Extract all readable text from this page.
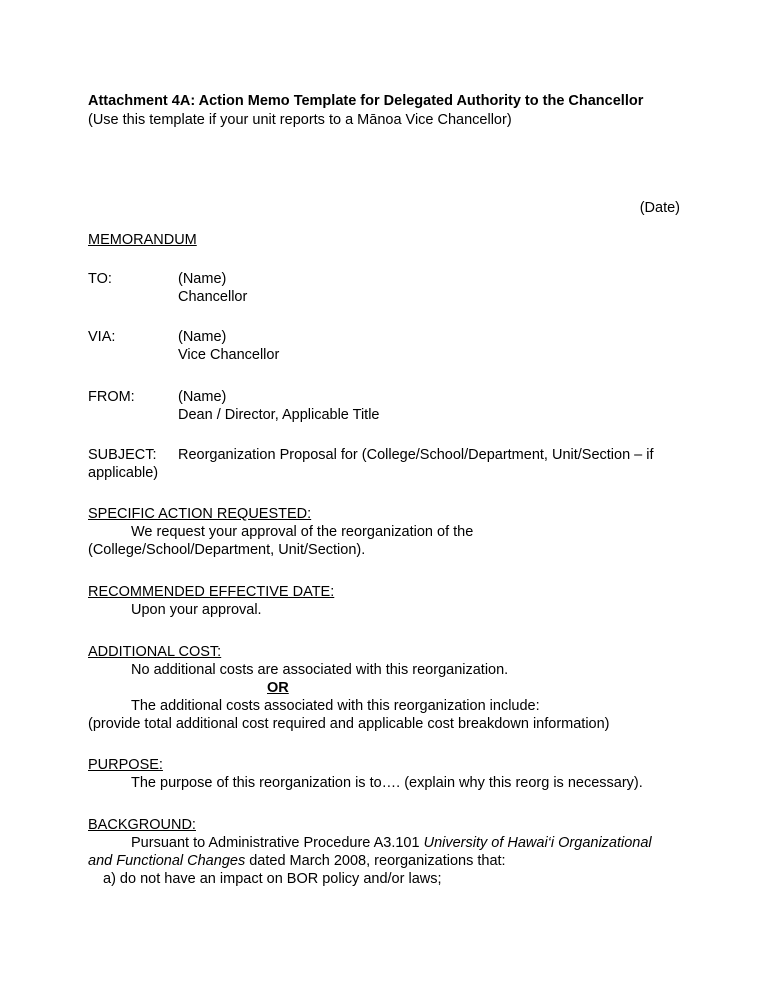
Attachment 4A: Action Memo Template for Delegated Authority to the Chancellor
(Use this template if your unit reports to a Mānoa Vice Chancellor)
(Date)
MEMORANDUM
TO:	(Name)
Chancellor
VIA:	(Name)
Vice Chancellor
FROM:	(Name)
Dean / Director, Applicable Title
SUBJECT: Reorganization Proposal for (College/School/Department, Unit/Section – if
applicable)
SPECIFIC ACTION REQUESTED:
We request your approval of the reorganization of the
(College/School/Department, Unit/Section).
RECOMMENDED EFFECTIVE DATE:
Upon your approval.
ADDITIONAL COST:
No additional costs are associated with this reorganization.
OR
The additional costs associated with this reorganization include:
(provide total additional cost required and applicable cost breakdown information)
PURPOSE:
The purpose of this reorganization is to…. (explain why this reorg is necessary).
BACKGROUND:
Pursuant to Administrative Procedure A3.101 University of Hawai‘i Organizational
and Functional Changes dated March 2008, reorganizations that:
a) do not have an impact on BOR policy and/or laws;
